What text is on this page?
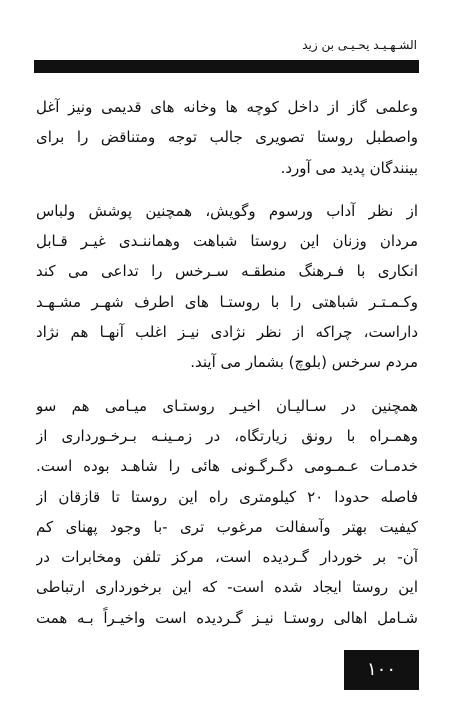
الشـهـيـد يحـيـى بن زيد
وعلمی گاز از داخل کوچه ها وخانه های قدیمی ونیز آغل
واصطبل روستا تصویری جالب توجه ومتناقض را برای
بینندگان پدید می آورد.
از نظر آداب ورسوم وگویش، همچنین پوشش ولباس
مردان وزنان این روستا شباهت وهماننـدی غیـر قـابل
انکاری با فـرهنگ منطقـه سـرخس را تداعی می کند
وکـمـتـر شباهتی را با روستـا های اطرف شهـر مشـهـد
داراست، چراکه از نظر نژادی نیـز اغلب آنهـا هم نژاد
مردم سرخس (بلوچ) بشمار می آیند.
همچنین در سـالیـان اخیـر روستـای میـامی هم سو
وهمـراه با رونق زیارتگاه، در زمـینـه بـرخـورداری از
خدمـات عـمـومی دگـرگـونی هائی را شاهـد بوده است.
فاصله حدودا ۲۰ کیلومتری راه این روستا تا قازقان از
کیفیت بهتر وآسفالت مرغوب تری -با وجود پهنای کم
آن- بر خوردار گـردیده است، مرکز تلفن ومخابرات در
این روستا ایجاد شده است- که این برخورداری ارتباطی
شـامل اهالی روستـا نیـز گـردیده است واخیـراً بـه همت
۱۰۰
